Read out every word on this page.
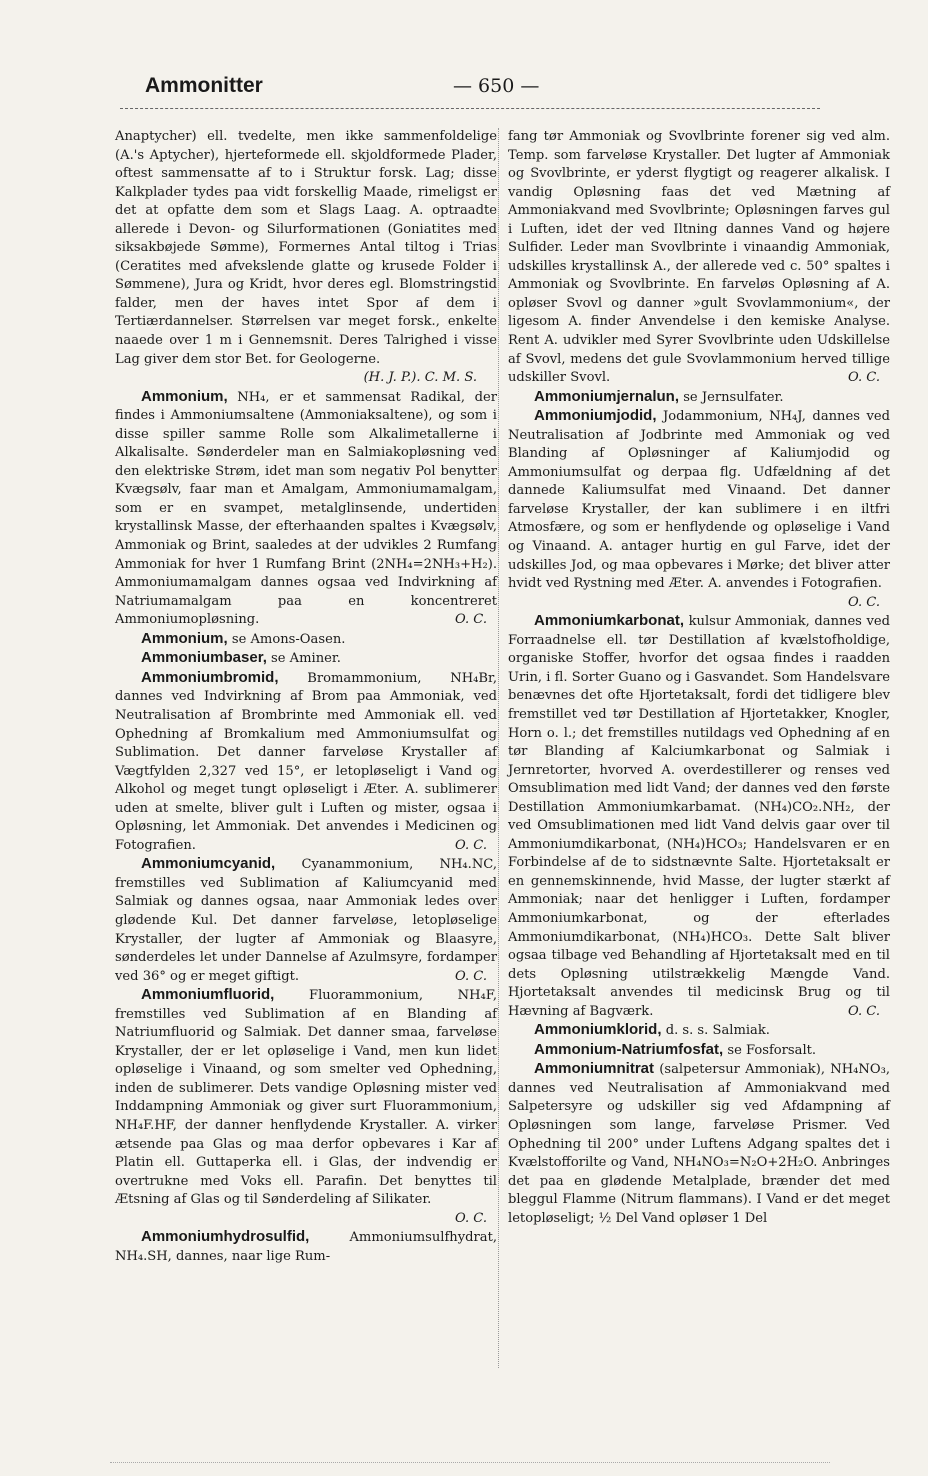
Ammonitter	— 650 —

Anaptycher) ell. tvedelte, men ikke sammenfoldelige (A.'s Aptycher), hjerteformede ell. skjoldformede Plader, oftest sammensatte af to i Struktur forsk. Lag; disse Kalkplader tydes paa vidt forskellig Maade, rimeligst er det at opfatte dem som et Slags Laag. A. optraadte allerede i Devon- og Silurformationen (Goniatites med siksakbøjede Sømme), Formernes Antal tiltog i Trias (Ceratites med afvekslende glatte og krusede Folder i Sømmene), Jura og Kridt, hvor deres egl. Blomstringstid falder, men der haves intet Spor af dem i Tertiærdannelser. Størrelsen var meget forsk., enkelte naaede over 1 m i Gennemsnit. Deres Talrighed i visse Lag giver dem stor Bet. for Geologerne.
(H. J. P.). C. M. S.

Ammonium, NH₄, er et sammensat Radikal, der findes i Ammoniumsaltene (Ammoniaksaltene), og som i disse spiller samme Rolle som Alkalimetallerne i Alkalisalte. Sønderdeler man en Salmiakopløsning ved den elektriske Strøm, idet man som negativ Pol benytter Kvægsølv, faar man et Amalgam, Ammoniumamalgam, som er en svampet, metalglinsende, undertiden krystallinsk Masse, der efterhaanden spaltes i Kvægsølv, Ammoniak og Brint, saaledes at der udvikles 2 Rumfang Ammoniak for hver 1 Rumfang Brint (2NH₄=2NH₃+H₂). Ammoniumamalgam dannes ogsaa ved Indvirkning af Natriumamalgam paa en koncentreret Ammoniumopløsning.	O. C.

Ammonium, se Amons-Oasen.

Ammoniumbaser, se Aminer.

Ammoniumbromid, Bromammonium, NH₄Br, dannes ved Indvirkning af Brom paa Ammoniak, ved Neutralisation af Brombrinte med Ammoniak ell. ved Ophedning af Bromkalium med Ammoniumsulfat og Sublimation. Det danner farveløse Krystaller af Vægtfylden 2,327 ved 15°, er letopløseligt i Vand og Alkohol og meget tungt opløseligt i Æter. A. sublimerer uden at smelte, bliver gult i Luften og mister, ogsaa i Opløsning, let Ammoniak. Det anvendes i Medicinen og Fotografien.	O. C.

Ammoniumcyanid, Cyanammonium, NH₄.NC, fremstilles ved Sublimation af Kaliumcyanid med Salmiak og dannes ogsaa, naar Ammoniak ledes over glødende Kul. Det danner farveløse, letopløselige Krystaller, der lugter af Ammoniak og Blaasyre, sønderdeles let under Dannelse af Azulmsyre, fordamper ved 36° og er meget giftigt.	O. C.

Ammoniumfluorid, Fluorammonium, NH₄F, fremstilles ved Sublimation af en Blanding af Natriumfluorid og Salmiak. Det danner smaa, farveløse Krystaller, der er let opløselige i Vand, men kun lidet opløselige i Vinaand, og som smelter ved Ophedning, inden de sublimerer. Dets vandige Opløsning mister ved Inddampning Ammoniak og giver surt Fluorammonium, NH₄F.HF, der danner henflydende Krystaller. A. virker ætsende paa Glas og maa derfor opbevares i Kar af Platin ell. Guttaperka ell. i Glas, der indvendig er overtrukne med Voks ell. Parafin. Det benyttes til Ætsning af Glas og til Sønderdeling af Silikater.
O. C.

Ammoniumhydrosulfid, Ammoniumsulfhydrat, NH₄.SH, dannes, naar lige Rum-

fang tør Ammoniak og Svovlbrinte forener sig ved alm. Temp. som farveløse Krystaller. Det lugter af Ammoniak og Svovlbrinte, er yderst flygtigt og reagerer alkalisk. I vandig Opløsning faas det ved Mætning af Ammoniakvand med Svovlbrinte; Opløsningen farves gul i Luften, idet der ved Iltning dannes Vand og højere Sulfider. Leder man Svovlbrinte i vinaandig Ammoniak, udskilles krystallinsk A., der allerede ved c. 50° spaltes i Ammoniak og Svovlbrinte. En farveløs Opløsning af A. opløser Svovl og danner »gult Svovlammonium«, der ligesom A. finder Anvendelse i den kemiske Analyse. Rent A. udvikler med Syrer Svovlbrinte uden Udskillelse af Svovl, medens det gule Svovlammonium herved tillige udskiller Svovl.	O. C.

Ammoniumjernalun, se Jernsulfater.

Ammoniumjodid, Jodammonium, NH₄J, dannes ved Neutralisation af Jodbrinte med Ammoniak og ved Blanding af Opløsninger af Kaliumjodid og Ammoniumsulfat og derpaa flg. Udfældning af det dannede Kaliumsulfat med Vinaand. Det danner farveløse Krystaller, der kan sublimere i en iltfri Atmosfære, og som er henflydende og opløselige i Vand og Vinaand. A. antager hurtig en gul Farve, idet der udskilles Jod, og maa opbevares i Mørke; det bliver atter hvidt ved Rystning med Æter. A. anvendes i Fotografien.
O. C.

Ammoniumkarbonat, kulsur Ammoniak, dannes ved Forraadnelse ell. tør Destillation af kvælstofholdige, organiske Stoffer, hvorfor det ogsaa findes i raadden Urin, i fl. Sorter Guano og i Gasvandet. Som Handelsvare benævnes det ofte Hjortetaksalt, fordi det tidligere blev fremstillet ved tør Destillation af Hjortetakker, Knogler, Horn o. l.; det fremstilles nutildags ved Ophedning af en tør Blanding af Kalciumkarbonat og Salmiak i Jernretorter, hvorved A. overdestillerer og renses ved Omsublimation med lidt Vand; der dannes ved den første Destillation Ammoniumkarbamat. (NH₄)CO₂.NH₂, der ved Omsublimationen med lidt Vand delvis gaar over til Ammoniumdikarbonat, (NH₄)HCO₃; Handelsvaren er en Forbindelse af de to sidstnævnte Salte. Hjortetaksalt er en gennemskinnende, hvid Masse, der lugter stærkt af Ammoniak; naar det henligger i Luften, fordamper Ammoniumkarbonat, og der efterlades Ammoniumdikarbonat, (NH₄)HCO₃. Dette Salt bliver ogsaa tilbage ved Behandling af Hjortetaksalt med en til dets Opløsning utilstrækkelig Mængde Vand. Hjortetaksalt anvendes til medicinsk Brug og til Hævning af Bagværk.	O. C.

Ammoniumklorid, d. s. s. Salmiak.

Ammonium-Natriumfosfat, se Fosforsalt.

Ammoniumnitrat (salpetersur Ammoniak), NH₄NO₃, dannes ved Neutralisation af Ammoniakvand med Salpetersyre og udskiller sig ved Afdampning af Opløsningen som lange, farveløse Prismer. Ved Ophedning til 200° under Luftens Adgang spaltes det i Kvælstofforilte og Vand, NH₄NO₃=N₂O+2H₂O. Anbringes det paa en glødende Metalplade, brænder det med bleggul Flamme (Nitrum flammans). I Vand er det meget letopløseligt; ½ Del Vand opløser 1 Del
